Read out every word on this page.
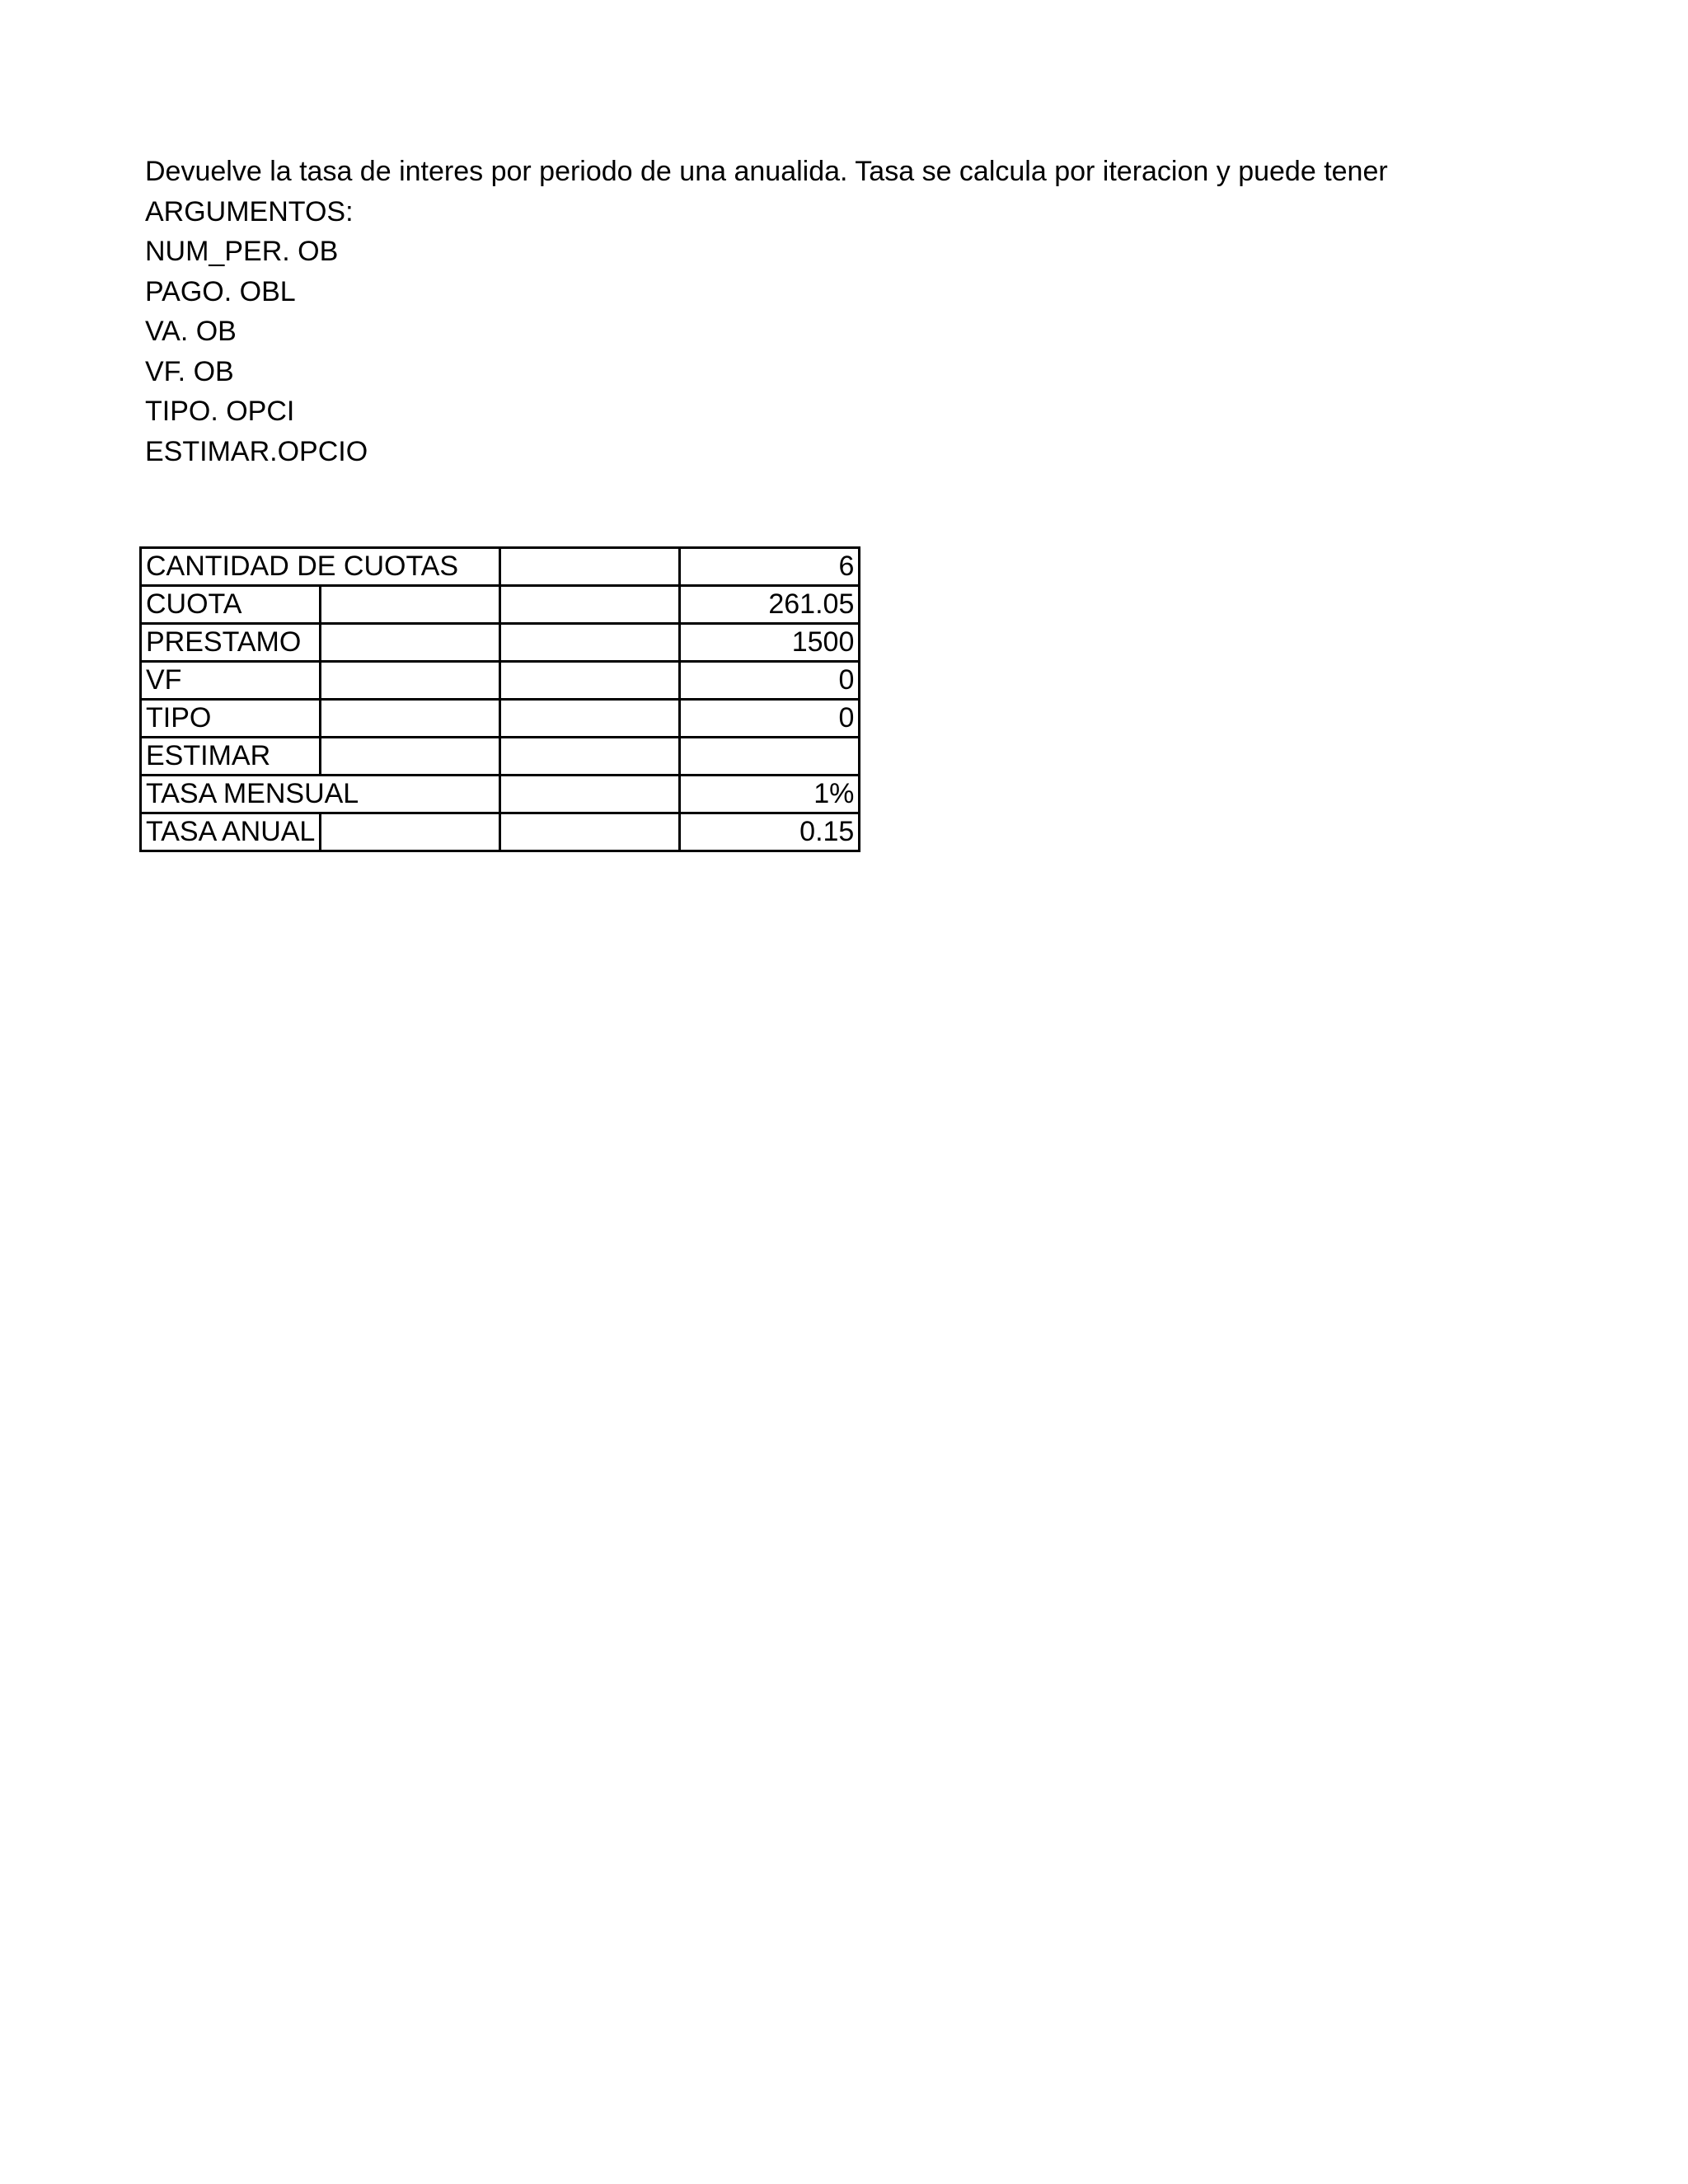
Devuelve la tasa de interes por periodo de una anualida. Tasa se calcula por iteracion y puede tener
ARGUMENTOS:
NUM_PER. OB
PAGO. OBL
VA. OB
VF. OB
TIPO. OPCI
ESTIMAR.OPCIO
CANTIDAD DE CUOTAS			6
CUOTA			261.05
PRESTAMO			1500
VF			0
TIPO			0
ESTIMAR			
TASA MENSUAL			1%
TASA ANUAL			0.15
